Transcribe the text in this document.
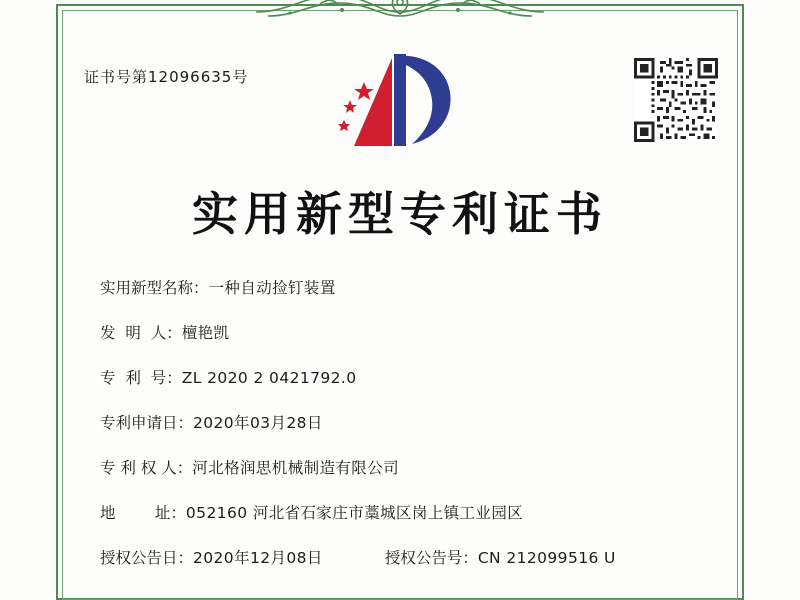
证书号第12096635号
实用新型专利证书
实用新型名称： 一种自动捡钉装置
发  明  人： 檀艳凯
专  利  号： ZL 2020 2 0421792.0
专利申请日： 2020年03月28日
专 利 权 人： 河北格润思机械制造有限公司
地        址： 052160 河北省石家庄市藁城区岗上镇工业园区
授权公告日：2020年12月08日	授权公告号： CN 212099516 U
